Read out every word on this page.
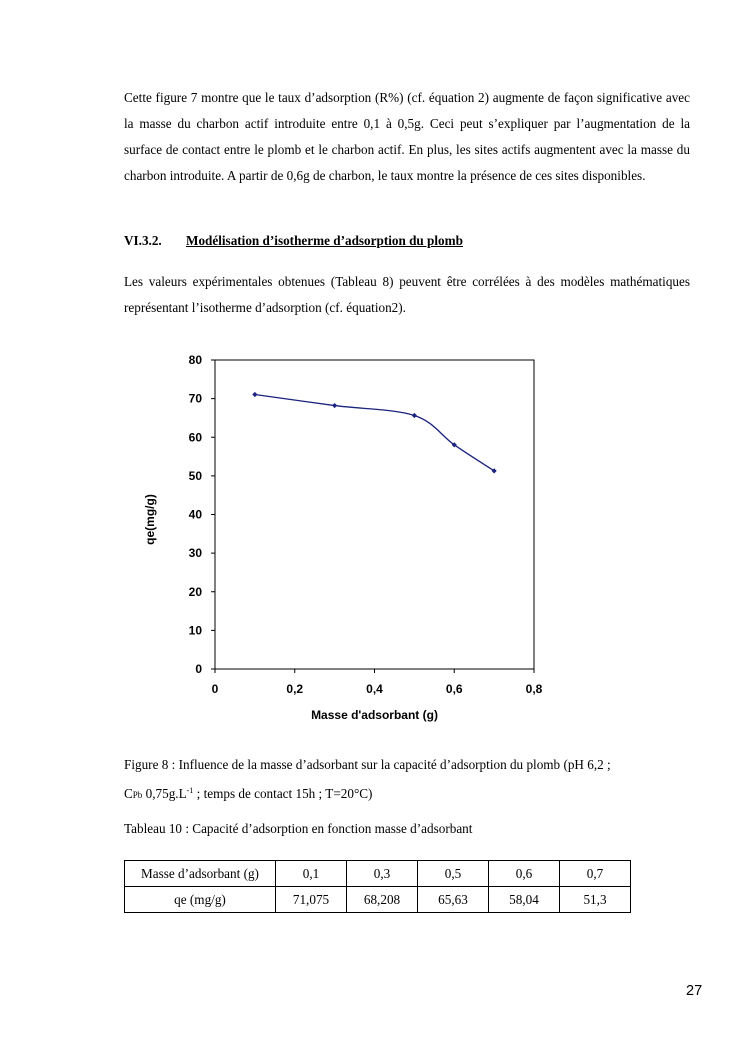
Cette figure 7 montre que le taux d’adsorption (R%) (cf. équation 2) augmente de façon significative avec la masse du charbon actif introduite entre 0,1 à 0,5g. Ceci peut s’expliquer par l’augmentation de la surface de contact entre le plomb et le charbon actif. En plus, les sites actifs augmentent avec la masse du charbon introduite. A partir de 0,6g de charbon, le taux montre la présence de ces sites disponibles.

VI.3.2. Modélisation d’isotherme d’adsorption du plomb

Les valeurs expérimentales obtenues (Tableau 8) peuvent être corrélées à des modèles mathématiques représentant l’isotherme d’adsorption (cf. équation2).

0
10
20
30
40
50
60
70
80
0	0,2	0,4	0,6	0,8
Masse d'adsorbant (g)
qe(mg/g)

Figure 8 : Influence de la masse d’adsorbant sur la capacité d’adsorption du plomb (pH 6,2 ;
CPb $0,75g.L^{-1}$ ; temps de contact 15h ; T=20°C)

Tableau 10 : Capacité d’adsorption en fonction masse d’adsorbant

Masse d’adsorbant (g)	0,1	0,3	0,5	0,6	0,7
qe (mg/g)	71,075	68,208	65,63	58,04	51,3
27
